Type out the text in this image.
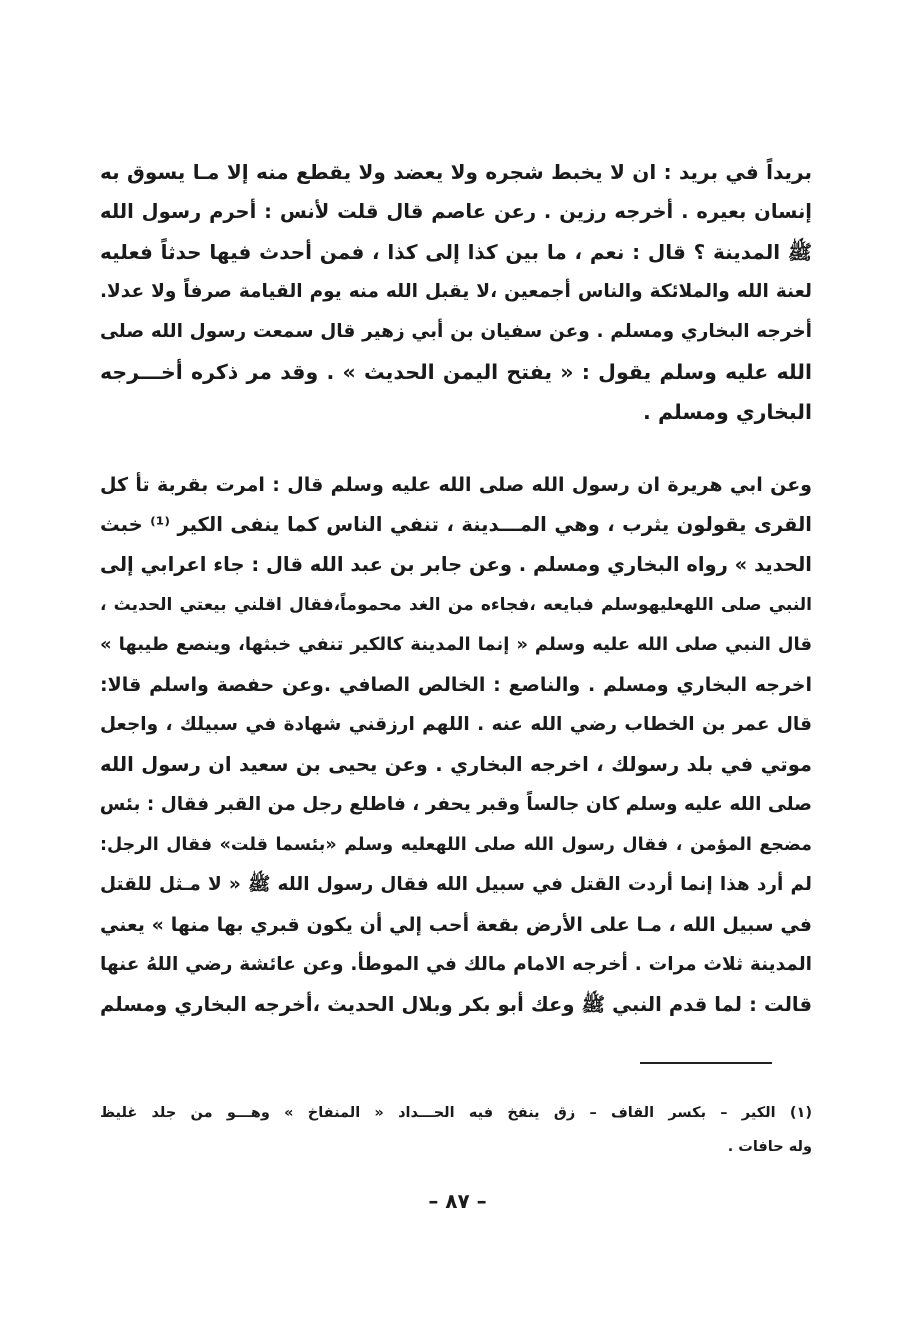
بريداً في بريد : ان لا يخبط شجره ولا يعضد ولا يقطع منه إلا مـا يسوق به
إنسان بعيره . أخرجه رزين . رعن عاصم قال قلت لأنس : أحرم رسول الله
ﷺ المدينة ؟ قال : نعم ، ما بين كذا إلى كذا ، فمن أحدث فيها حدثاً فعليه
لعنة الله والملائكة والناس أجمعين ،لا يقبل الله منه يوم القيامة صرفاً ولا عدلا.
أخرجه البخاري ومسلم . وعن سفيان بن أبي زهير قال سمعت رسول الله صلى
الله عليه وسلم يقول : « يفتح اليمن الحديث » . وقد مر ذكره أخـــرجه
البخاري ومسلم .
وعن ابي هريرة ان رسول الله صلى الله عليه وسلم قال : امرت بقربة تأ كل
القرى يقولون يثرب ، وهي المـــدينة ، تنفي الناس كما ينفى الكير ⁽¹⁾ خبث
الحديد » رواه البخاري ومسلم . وعن جابر بن عبد الله قال : جاء اعرابي إلى
النبي صلى اللهعليهوسلم فبايعه ،فجاءه من الغد محموماً،فقال اقلني بيعتي الحديث ،
قال النبي صلى الله عليه وسلم « إنما المدينة كالكير تنفي خبثها، وينصع طيبها »
اخرجه البخاري ومسلم . والناصع : الخالص الصافي .وعن حفصة واسلم قالا:
قال عمر بن الخطاب رضي الله عنه . اللهم ارزقني شهادة في سبيلك ، واجعل
موتي في بلد رسولك ، اخرجه البخاري . وعن يحيى بن سعيد ان رسول الله
صلى الله عليه وسلم كان جالساً وقبر يحفر ، فاطلع رجل من القبر فقال : بئس
مضجع المؤمن ، فقال رسول الله صلى اللهعليه وسلم «بئسما قلت» فقال الرجل:
لم أرد هذا إنما أردت القتل في سبيل الله فقال رسول الله ﷺ « لا مـثل للقتل
في سبيل الله ، مـا على الأرض بقعة أحب إلي أن يكون قبري بها منها » يعني
المدينة ثلاث مرات . أخرجه الامام مالك في الموطأ. وعن عائشة رضي اللهُ عنها
قالت : لما قدم النبي ﷺ وعك أبو بكر وبلال الحديث ،أخرجه البخاري ومسلم
(١) الكير – بكسر القاف – زق ينفخ فيه الحـــداد « المنفاخ » وهـــو من جلد غليظ
وله حافات .
– ٨٧ –
